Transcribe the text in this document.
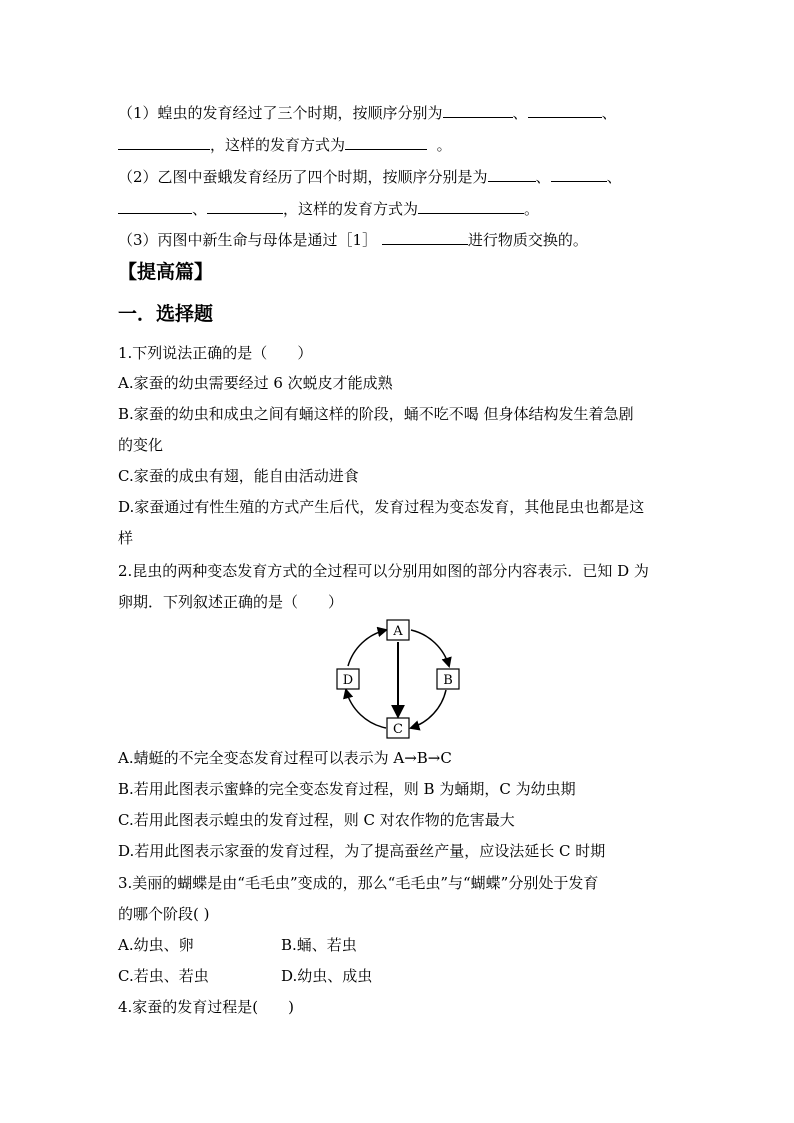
（1）蝗虫的发育经过了三个时期，按顺序分别为	、	、
，这样的发育方式为	。
（2）乙图中蚕蛾发育经历了四个时期，按顺序分别是为	、	、
、	，这样的发育方式为	。
（3）丙图中新生命与母体是通过［1］	进行物质交换的。
【提高篇】
一．选择题
1.下列说法正确的是（　　）
A.家蚕的幼虫需要经过 6 次蜕皮才能成熟
B.家蚕的幼虫和成虫之间有蛹这样的阶段，蛹不吃不喝 但身体结构发生着急剧
的变化
C.家蚕的成虫有翅，能自由活动进食
D.家蚕通过有性生殖的方式产生后代，发育过程为变态发育，其他昆虫也都是这
样
2.昆虫的两种变态发育方式的全过程可以分别用如图的部分内容表示．已知 D 为
卵期．下列叙述正确的是（　　）
A
B
C
D
A.蜻蜓的不完全变态发育过程可以表示为 A→B→C
B.若用此图表示蜜蜂的完全变态发育过程，则 B 为蛹期，C 为幼虫期
C.若用此图表示蝗虫的发育过程，则 C 对农作物的危害最大
D.若用此图表示家蚕的发育过程，为了提高蚕丝产量，应设法延长 C 时期
3.美丽的蝴蝶是由“毛毛虫”变成的，那么“毛毛虫”与“蝴蝶”分别处于发育
的哪个阶段( )
A.幼虫、卵	B.蛹、若虫
C.若虫、若虫	D.幼虫、成虫
4.家蚕的发育过程是(　　)
